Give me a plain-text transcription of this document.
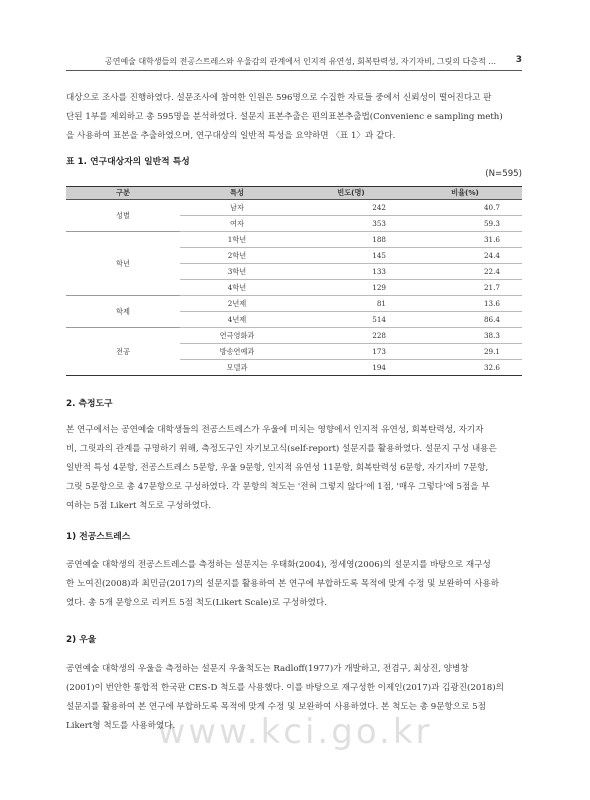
공연예술 대학생들의 전공스트레스와 우울감의 관계에서 인지적 유연성, 회복탄력성, 자기자비, 그릿의 다층적 ... 3
대상으로 조사를 진행하였다. 설문조사에 참여한 인원은 596명으로 수집한 자료들 중에서 신뢰성이 떨어진다고 판
단된 1부를 제외하고 총 595명을 분석하였다. 설문지 표본추출은 편의표본추출법(Convenienc e sampling meth)
을 사용하여 표본을 추출하였으며, 연구대상의 일반적 특성을 요약하면 〈표 1〉과 같다.
표 1. 연구대상자의 일반적 특성
(N=595)
구분	특성	빈도(명)	비율(%)
성별	남자	242	40.7
	여자	353	59.3
학년	1학년	188	31.6
	2학년	145	24.4
	3학년	133	22.4
	4학년	129	21.7
학제	2년제	81	13.6
	4년제	514	86.4
전공	연극영화과	228	38.3
	방송연예과	173	29.1
	모델과	194	32.6
2. 측정도구
본 연구에서는 공연예술 대학생들의 전공스트레스가 우울에 미치는 영향에서 인지적 유연성, 회복탄력성, 자기자
비, 그릿과의 관계를 규명하기 위해, 측정도구인 자기보고식(self-report) 설문지를 활용하였다. 설문지 구성 내용은
일반적 특성 4문항, 전공스트레스 5문항, 우울 9문항, 인지적 유연성 11문항, 회복탄력성 6문항, 자기자비 7문항,
그릿 5문항으로 총 47문항으로 구성하였다. 각 문항의 척도는 '전혀 그렇지 않다'에 1점, '매우 그렇다'에 5점을 부
여하는 5점 Likert 척도로 구성하였다.
1) 전공스트레스
공연예술 대학생의 전공스트레스를 측정하는 설문지는 우태화(2004), 정세영(2006)의 설문지를 바탕으로 재구성
한 노여진(2008)과 최민금(2017)의 설문지를 활용하여 본 연구에 부합하도록 목적에 맞게 수정 및 보완하여 사용하
였다. 총 5개 문항으로 리커트 5점 척도(Likert Scale)로 구성하였다.
2) 우울
공연예술 대학생의 우울을 측정하는 설문지 우울척도는 Radloff(1977)가 개발하고, 전겸구, 최상진, 양병창
(2001)이 번안한 통합적 한국판 CES-D 척도를 사용했다. 이를 바탕으로 재구성한 이제인(2017)과 김광진(2018)의
설문지를 활용하여 본 연구에 부합하도록 목적에 맞게 수정 및 보완하여 사용하였다. 본 척도는 총 9문항으로 5점
Likert형 척도를 사용하였다.
www.kci.go.kr
